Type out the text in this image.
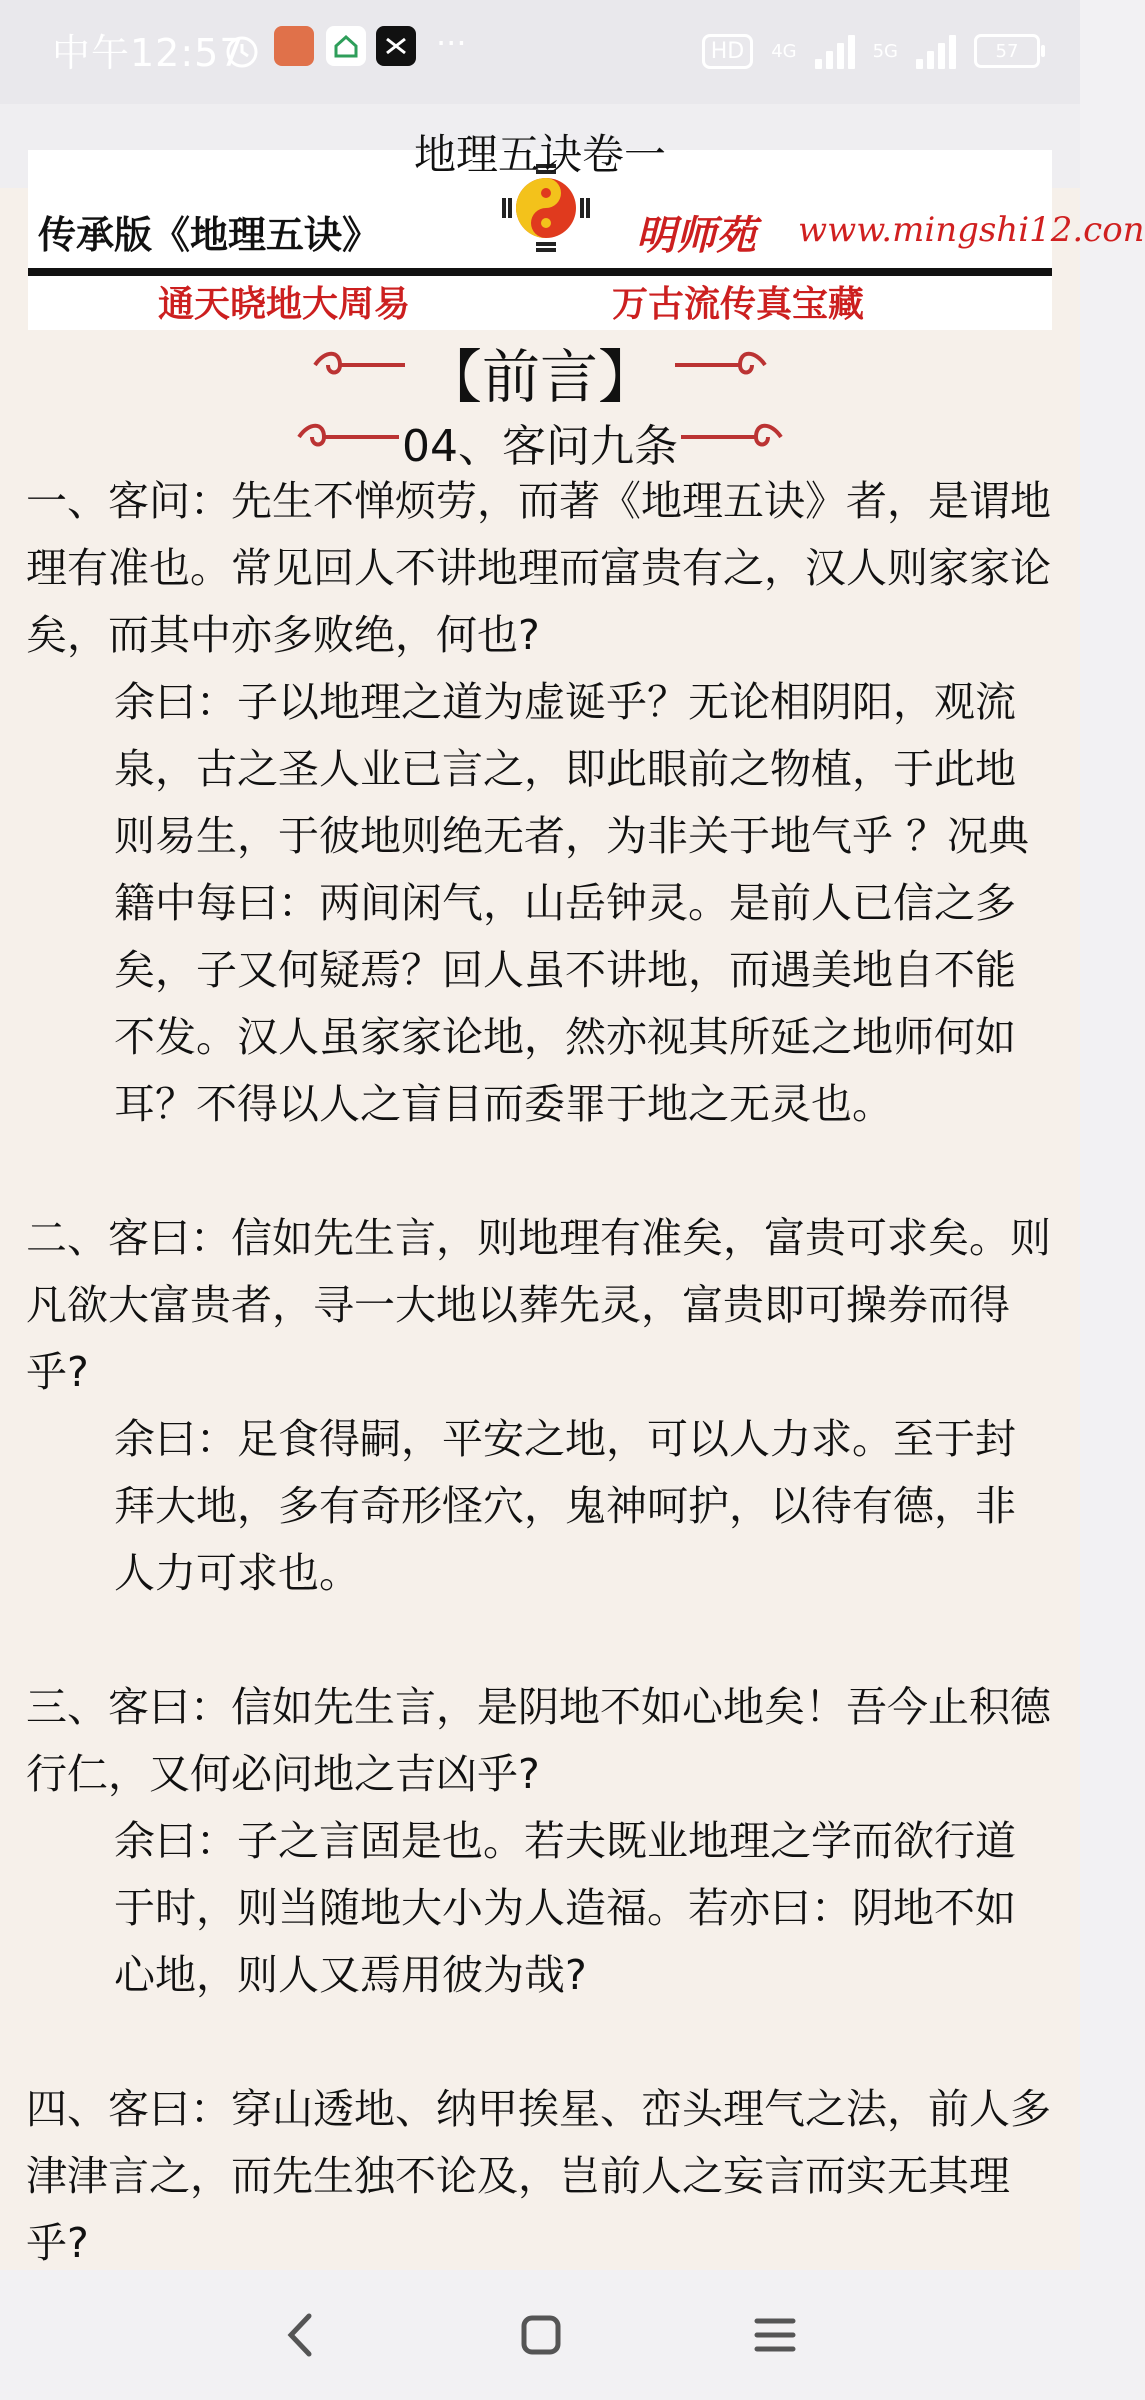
中午12:57	···	HD	4G	5G	57
传承版《地理五诀》	明师苑 www.mingshi12.con
通天晓地大周易	万古流传真宝藏
【前言】
04、客问九条

一、客问：先生不惮烦劳，而著《地理五诀》者，是谓地理有准也。常见回人不讲地理而富贵有之，汉人则家家论矣，而其中亦多败绝，何也?

余曰：子以地理之道为虚诞乎？无论相阴阳，观流泉，古之圣人业已言之，即此眼前之物植，于此地则易生，于彼地则绝无者，为非关于地气乎 ？况典籍中每曰：两间闲气，山岳钟灵。是前人已信之多矣，子又何疑焉？回人虽不讲地，而遇美地自不能不发。汉人虽家家论地，然亦视其所延之地师何如耳？不得以人之盲目而委罪于地之无灵也。

二、客曰：信如先生言，则地理有准矣，富贵可求矣。则凡欲大富贵者，寻一大地以葬先灵，富贵即可操券而得乎?

余曰：足食得嗣，平安之地，可以人力求。至于封拜大地，多有奇形怪穴，鬼神呵护，以待有德，非人力可求也。

三、客曰：信如先生言，是阴地不如心地矣！吾今止积德行仁，又何必问地之吉凶乎?

余曰：子之言固是也。若夫既业地理之学而欲行道于时，则当随地大小为人造福。若亦曰：阴地不如心地，则人又焉用彼为哉?

四、客曰：穿山透地、纳甲挨星、峦头理气之法，前人多津津言之，而先生独不论及，岂前人之妄言而实无其理乎?

地理五诀卷一
